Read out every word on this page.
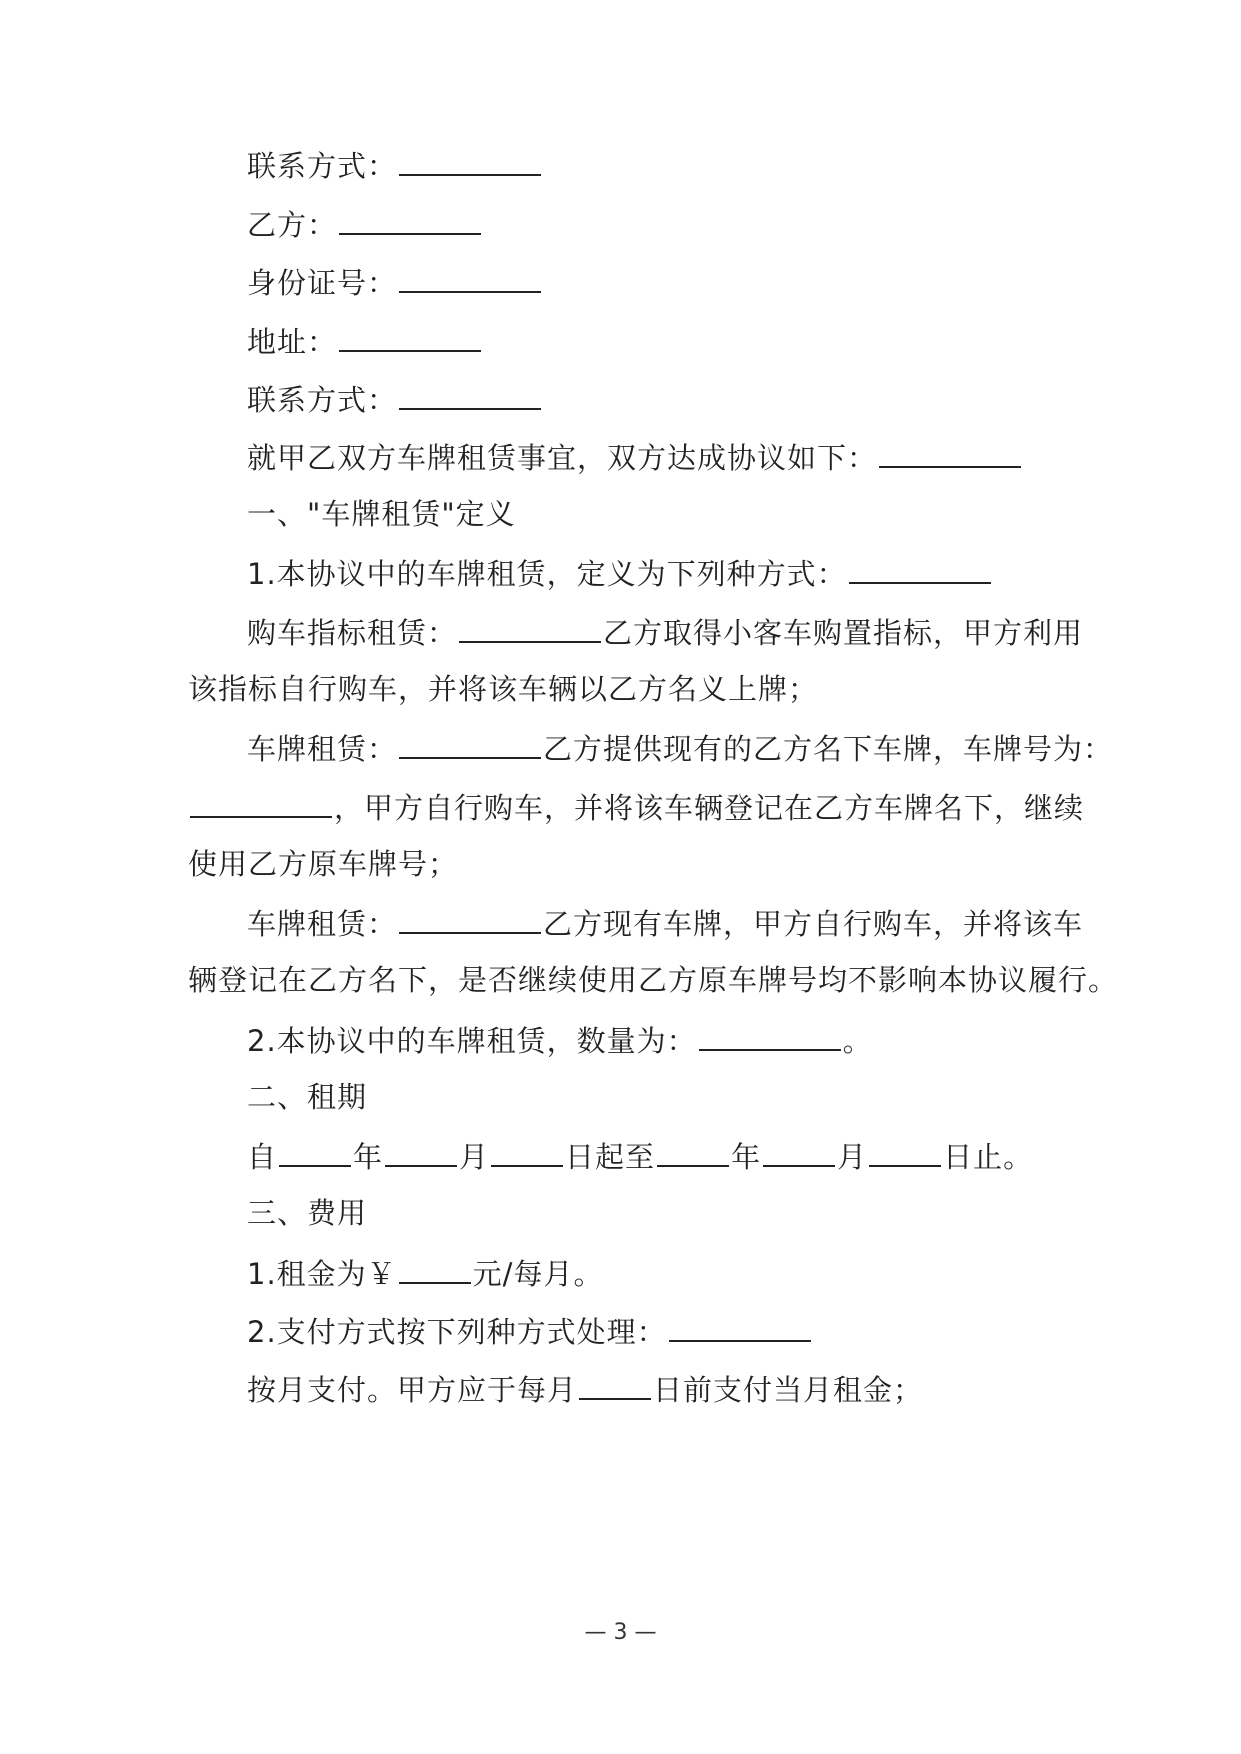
联系方式：
乙方：
身份证号：
地址：
联系方式：
就甲乙双方车牌租赁事宜，双方达成协议如下：
一、"车牌租赁"定义
1.本协议中的车牌租赁，定义为下列种方式：
购车指标租赁：	乙方取得小客车购置指标，甲方利用
该指标自行购车，并将该车辆以乙方名义上牌；
车牌租赁：	乙方提供现有的乙方名下车牌，车牌号为：
，甲方自行购车，并将该车辆登记在乙方车牌名下，继续
使用乙方原车牌号；
车牌租赁：	乙方现有车牌，甲方自行购车，并将该车
辆登记在乙方名下，是否继续使用乙方原车牌号均不影响本协议履行。
2.本协议中的车牌租赁，数量为：	。
二、租期
自	年	月	日起至	年	月	日止。
三、费用
1.租金为￥	元/每月。
2.支付方式按下列种方式处理：
按月支付。甲方应于每月	日前支付当月租金；
— 3 —
